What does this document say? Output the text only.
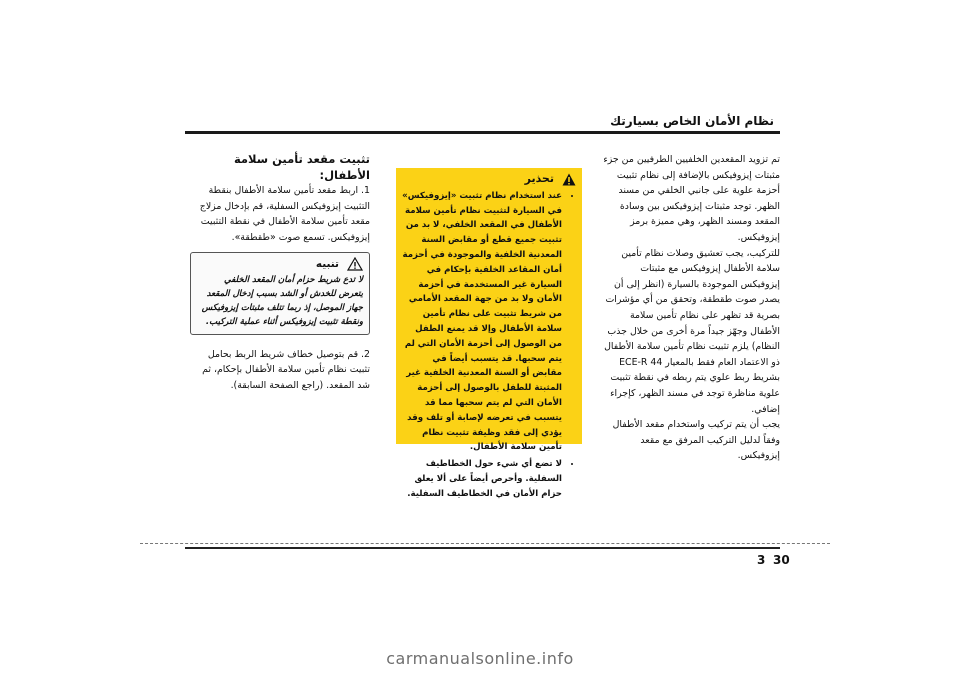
نظام الأمان الخاص بسيارتك

تم تزويد المقعدين الخلفيين الطرفيين من جزء مثبتات إيزوفيكس بالإضافة إلى نظام تثبيت أحزمة علوية على جانبي الخلفي من مسند الظهر. توجد مثبتات إيزوفيكس بين وسادة المقعد ومسند الظهر، وهي مميزة برمز إيزوفيكس.

للتركيب، يجب تعشيق وصلات نظام تأمين سلامة الأطفال إيزوفيكس مع مثبتات إيزوفيكس الموجودة بالسيارة (انظر إلى أن يصدر صوت طقطقة، وتحقق من أي مؤشرات بصرية قد تظهر على نظام تأمين سلامة الأطفال وجهّز جيداً مرة أخرى من خلال جذب النظام) يلزم تثبيت نظام تأمين سلامة الأطفال ذو الاعتماد العام فقط بالمعيار 44 ECE-R بشريط ربط علوي يتم ربطه في نقطة تثبيت علوية مناظرة توجد في مسند الظهر، كإجراء إضافي.

يجب أن يتم تركيب واستخدام مقعد الأطفال وفقاً لدليل التركيب المرفق مع مقعد إيزوفيكس.

تحذير
• عند استخدام نظام تثبيت «إيزوفيكس» في السيارة لتثبيت نظام تأمين سلامة الأطفال في المقعد الخلفي، لا بد من تثبيت جميع قطع أو مقابض السنة المعدنية الخلفية والموجودة في أحزمة أمان المقاعد الخلفية بإحكام في السيارة غير المستخدمة في أحزمة الأمان ولا بد من جهة المقعد الأمامي من شريط تثبيت على نظام تأمين سلامة الأطفال وإلا قد يمنع الطفل من الوصول إلى أحزمة الأمان التي لم يتم سحبها. قد يتسبب أيضاً في مقابض أو السنة المعدنية الخلفية غير المثبتة للطفل بالوصول إلى أحزمة الأمان التي لم يتم سحبها مما قد يتسبب في تعرضه لإصابة أو تلف وقد يؤدي إلى فقد وظيفة تثبيت نظام تأمين سلامة الأطفال.
• لا تضع أي شيء حول الخطاطيف السفلية. وأحرص أيضاً على ألا يعلق حزام الأمان في الخطاطيف السفلية.

تثبيت مقعد تأمين سلامة الأطفال:

1. اربط مقعد تأمين سلامة الأطفال بنقطة التثبيت إيزوفيكس السفلية، قم بإدخال مزلاج مقعد تأمين سلامة الأطفال في نقطة التثبيت إيزوفيكس. تسمع صوت «طقطقة».

تنبيه
لا تدع شريط حزام أمان المقعد الخلفي يتعرض للخدش أو الشد بسبب إدخال المقعد جهاز الموصل، إذ ربما تتلف مثبتات إيزوفيكس ونقطة تثبيت إيزوفيكس أثناء عملية التركيب.

2. قم بتوصيل خطاف شريط الربط بحامل تثبيت نظام تأمين سلامة الأطفال بإحكام، ثم شد المقعد. (راجع الصفحة السابقة).

30
3
carmanualsonline.info
